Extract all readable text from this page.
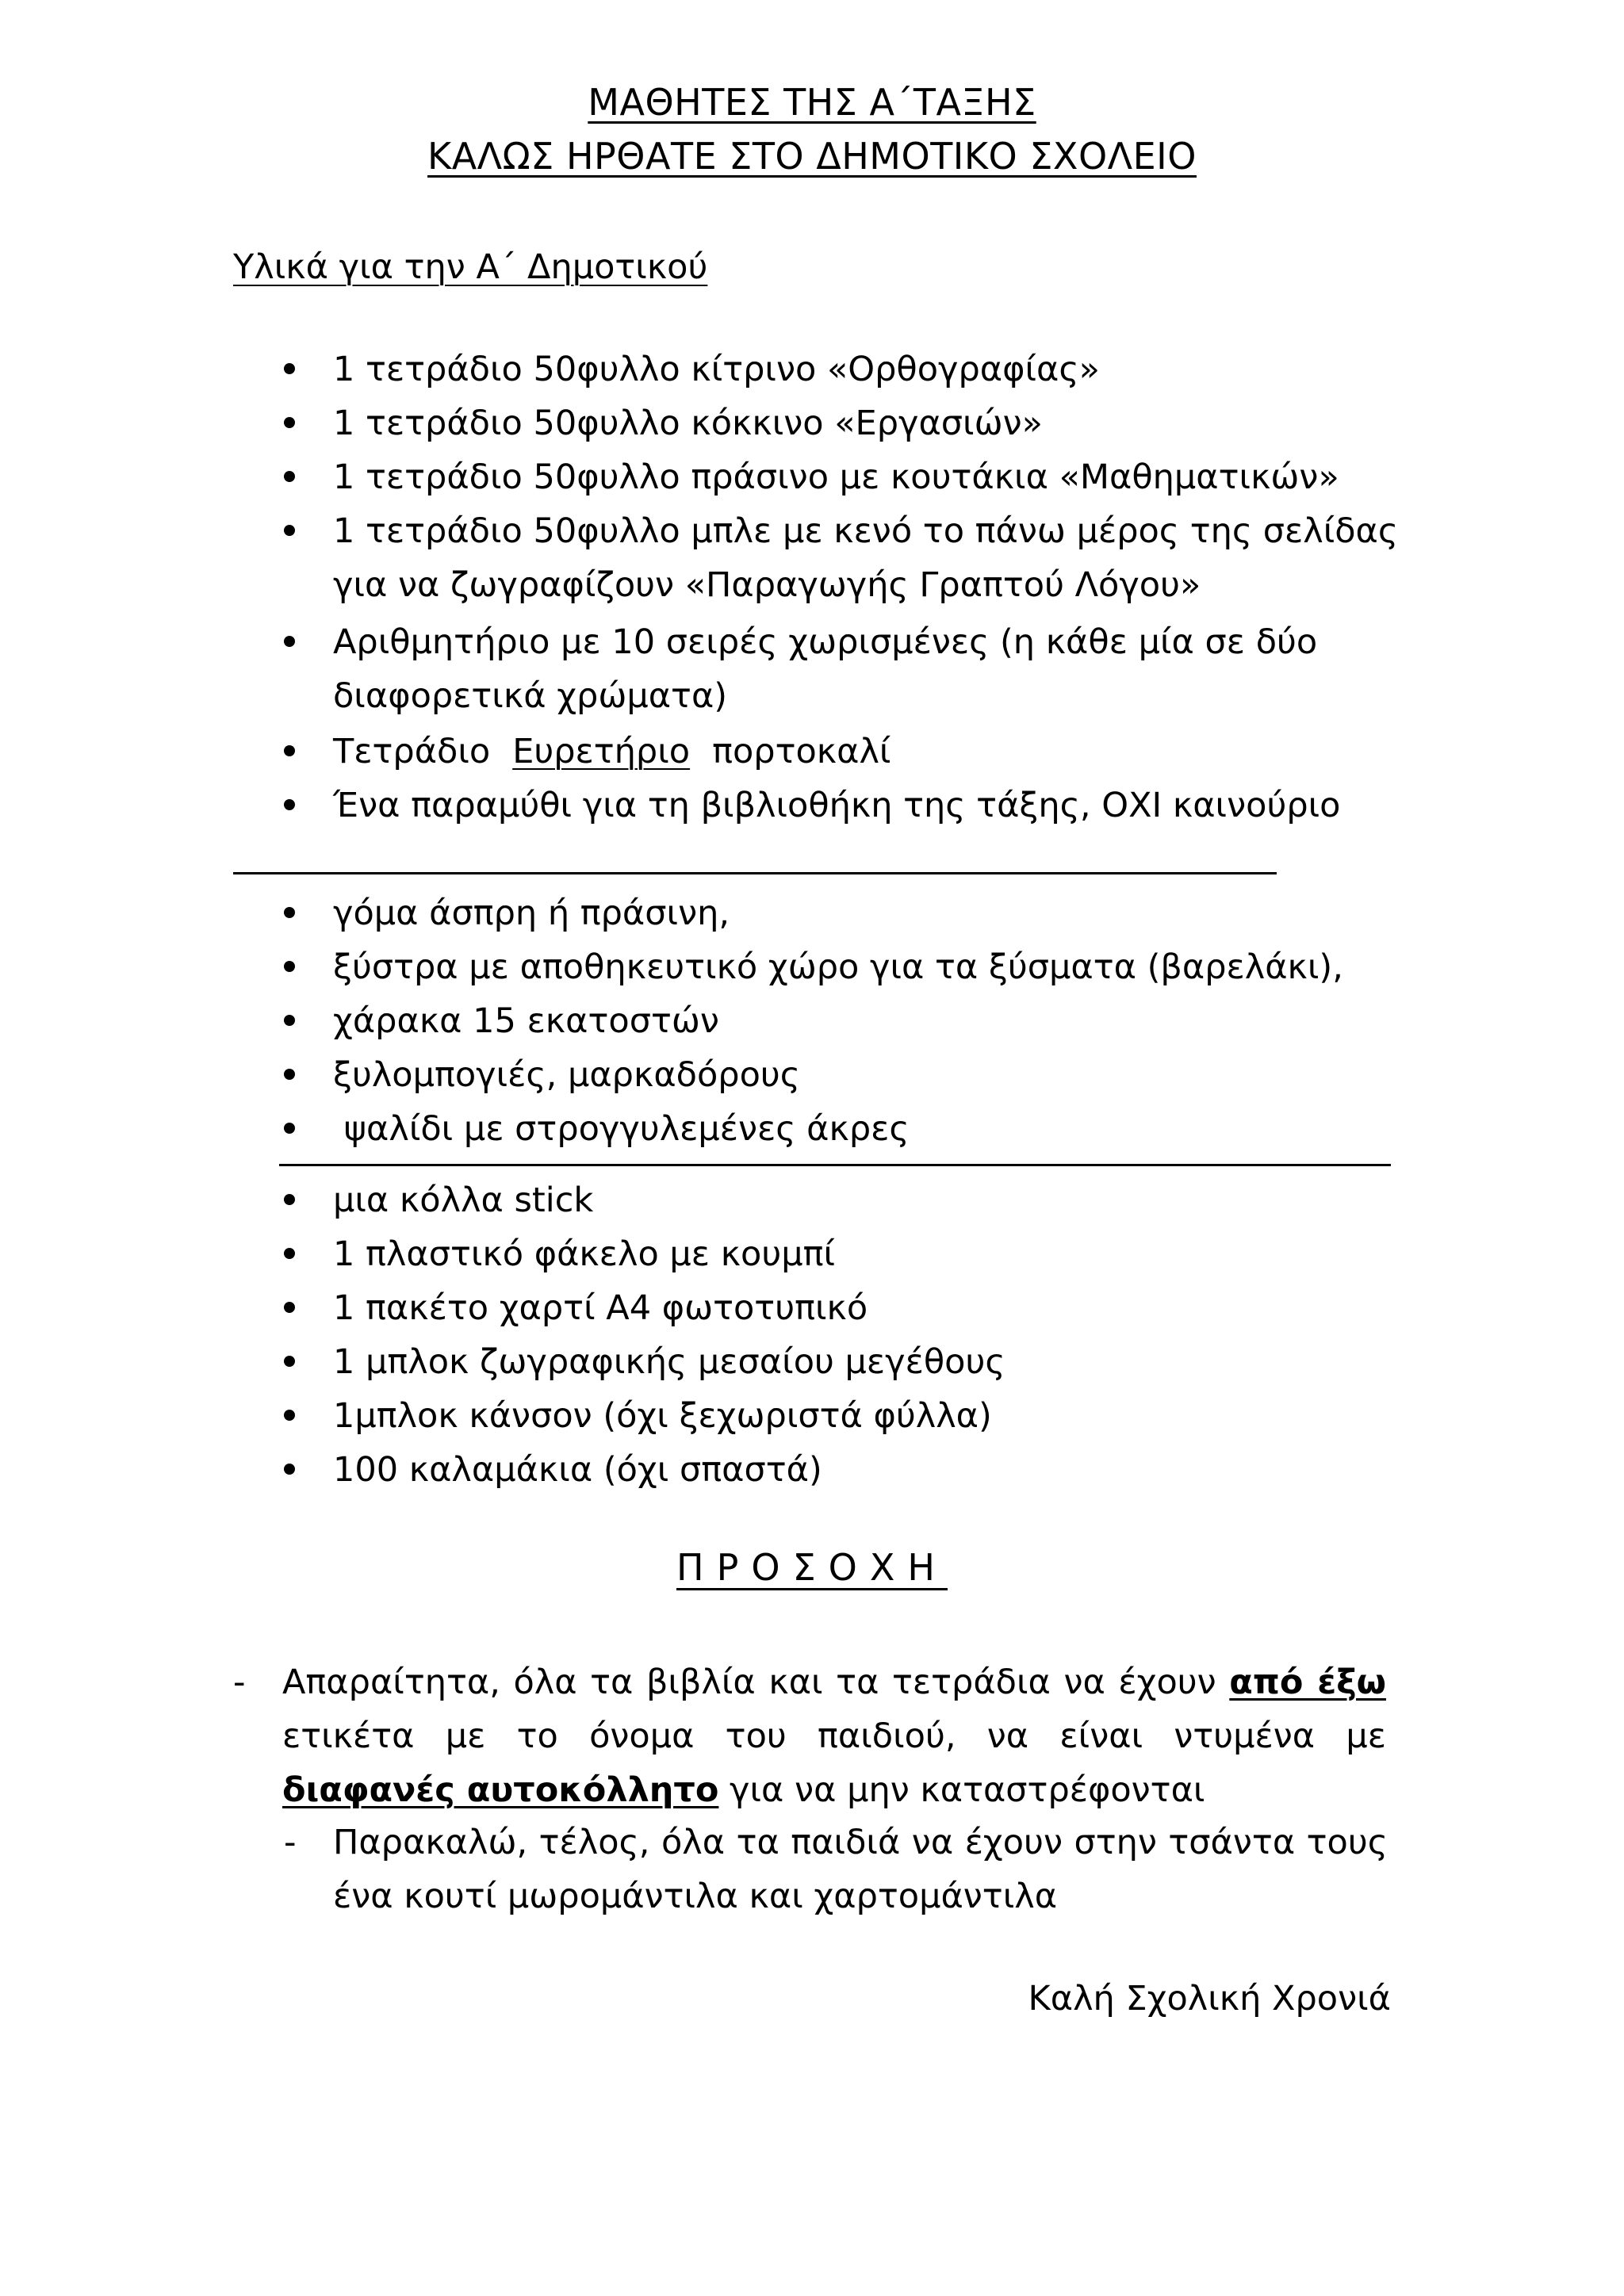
ΜΑΘΗΤΕΣ ΤΗΣ Α΄ΤΑΞΗΣ
ΚΑΛΩΣ ΗΡΘΑΤΕ ΣΤΟ ΔΗΜΟΤΙΚΟ ΣΧΟΛΕΙΟ
Υλικά για την Α΄ Δημοτικού
1 τετράδιο 50φυλλο κίτρινο «Ορθογραφίας»
1 τετράδιο 50φυλλο κόκκινο «Εργασιών»
1 τετράδιο 50φυλλο πράσινο με κουτάκια «Μαθηματικών»
1 τετράδιο 50φυλλο μπλε με κενό το πάνω μέρος της σελίδας
για να ζωγραφίζουν «Παραγωγής Γραπτού Λόγου»
Αριθμητήριο με 10 σειρές χωρισμένες (η κάθε μία σε δύο
διαφορετικά χρώματα)
Τετράδιο Ευρετήριο πορτοκαλί
Ένα παραμύθι για τη βιβλιοθήκη της τάξης, ΟΧΙ καινούριο
γόμα άσπρη ή πράσινη,
ξύστρα με αποθηκευτικό χώρο για τα ξύσματα (βαρελάκι),
χάρακα 15 εκατοστών
ξυλομπογιές, μαρκαδόρους
ψαλίδι με στρογγυλεμένες άκρες
μια κόλλα stick
1 πλαστικό φάκελο με κουμπί
1 πακέτο χαρτί Α4 φωτοτυπικό
1 μπλοκ ζωγραφικής μεσαίου μεγέθους
1μπλοκ κάνσον (όχι ξεχωριστά φύλλα)
100 καλαμάκια (όχι σπαστά)
ΠΡΟΣΟΧΗ
- Απαραίτητα, όλα τα βιβλία και τα τετράδια να έχουν από έξω ετικέτα με το όνομα του παιδιού, να είναι ντυμένα με διαφανές αυτοκόλλητο για να μην καταστρέφονται
- Παρακαλώ, τέλος, όλα τα παιδιά να έχουν στην τσάντα τους ένα κουτί μωρομάντιλα και χαρτομάντιλα
Καλή Σχολική Χρονιά
